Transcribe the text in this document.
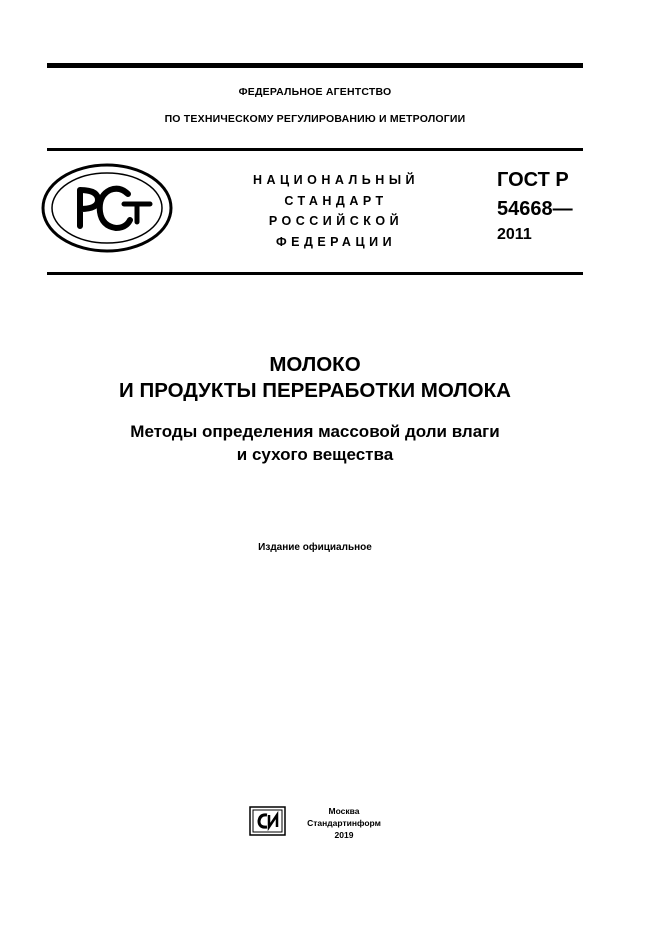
ФЕДЕРАЛЬНОЕ АГЕНТСТВО
ПО ТЕХНИЧЕСКОМУ РЕГУЛИРОВАНИЮ И МЕТРОЛОГИИ
НАЦИОНАЛЬНЫЙ
СТАНДАРТ
РОССИЙСКОЙ
ФЕДЕРАЦИИ
ГОСТ Р
54668—
2011
МОЛОКО
И ПРОДУКТЫ ПЕРЕРАБОТКИ МОЛОКА
Методы определения массовой доли влаги
и сухого вещества
Издание официальное
Москва
Стандартинформ
2019
